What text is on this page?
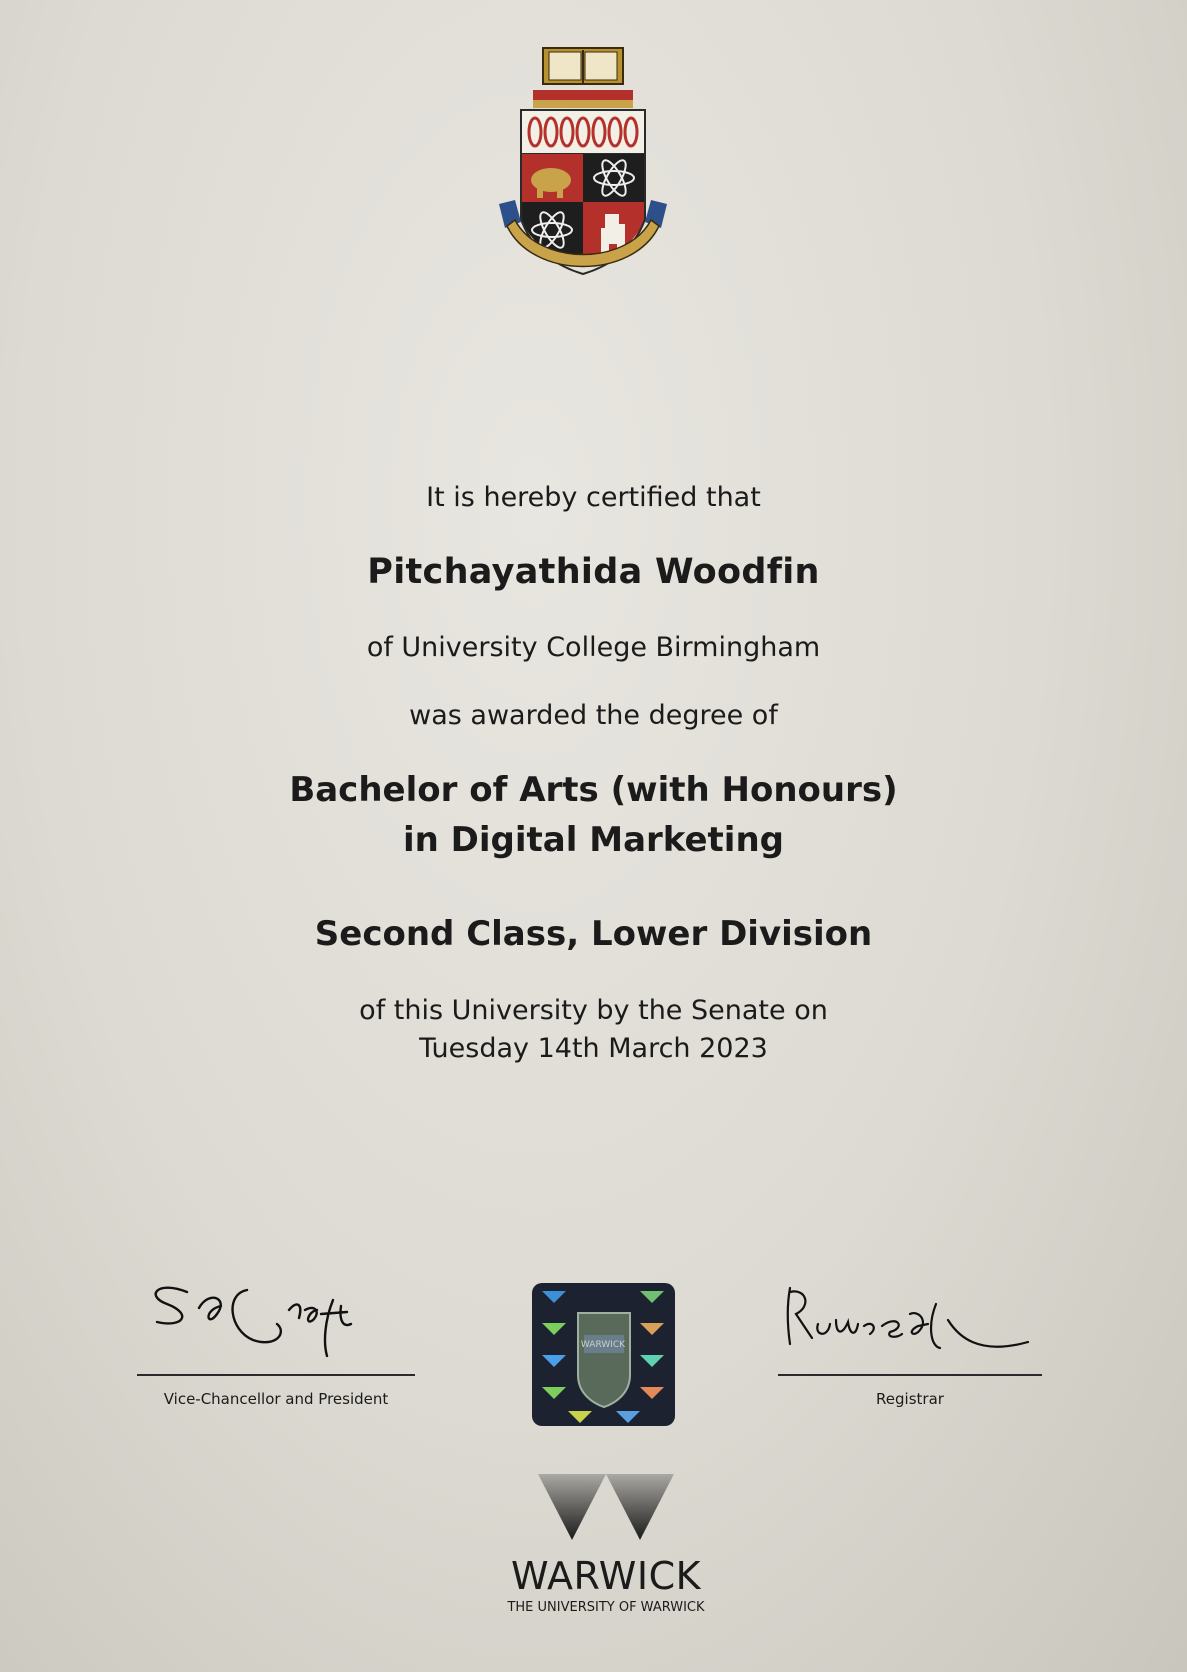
It is hereby certified that
Pitchayathida Woodfin
of University College Birmingham
was awarded the degree of
Bachelor of Arts (with Honours)
in Digital Marketing
Second Class, Lower Division
of this University by the Senate on
Tuesday 14th March 2023
Vice-Chancellor and President
WARWICK
Registrar
WARWICK
THE UNIVERSITY OF WARWICK
